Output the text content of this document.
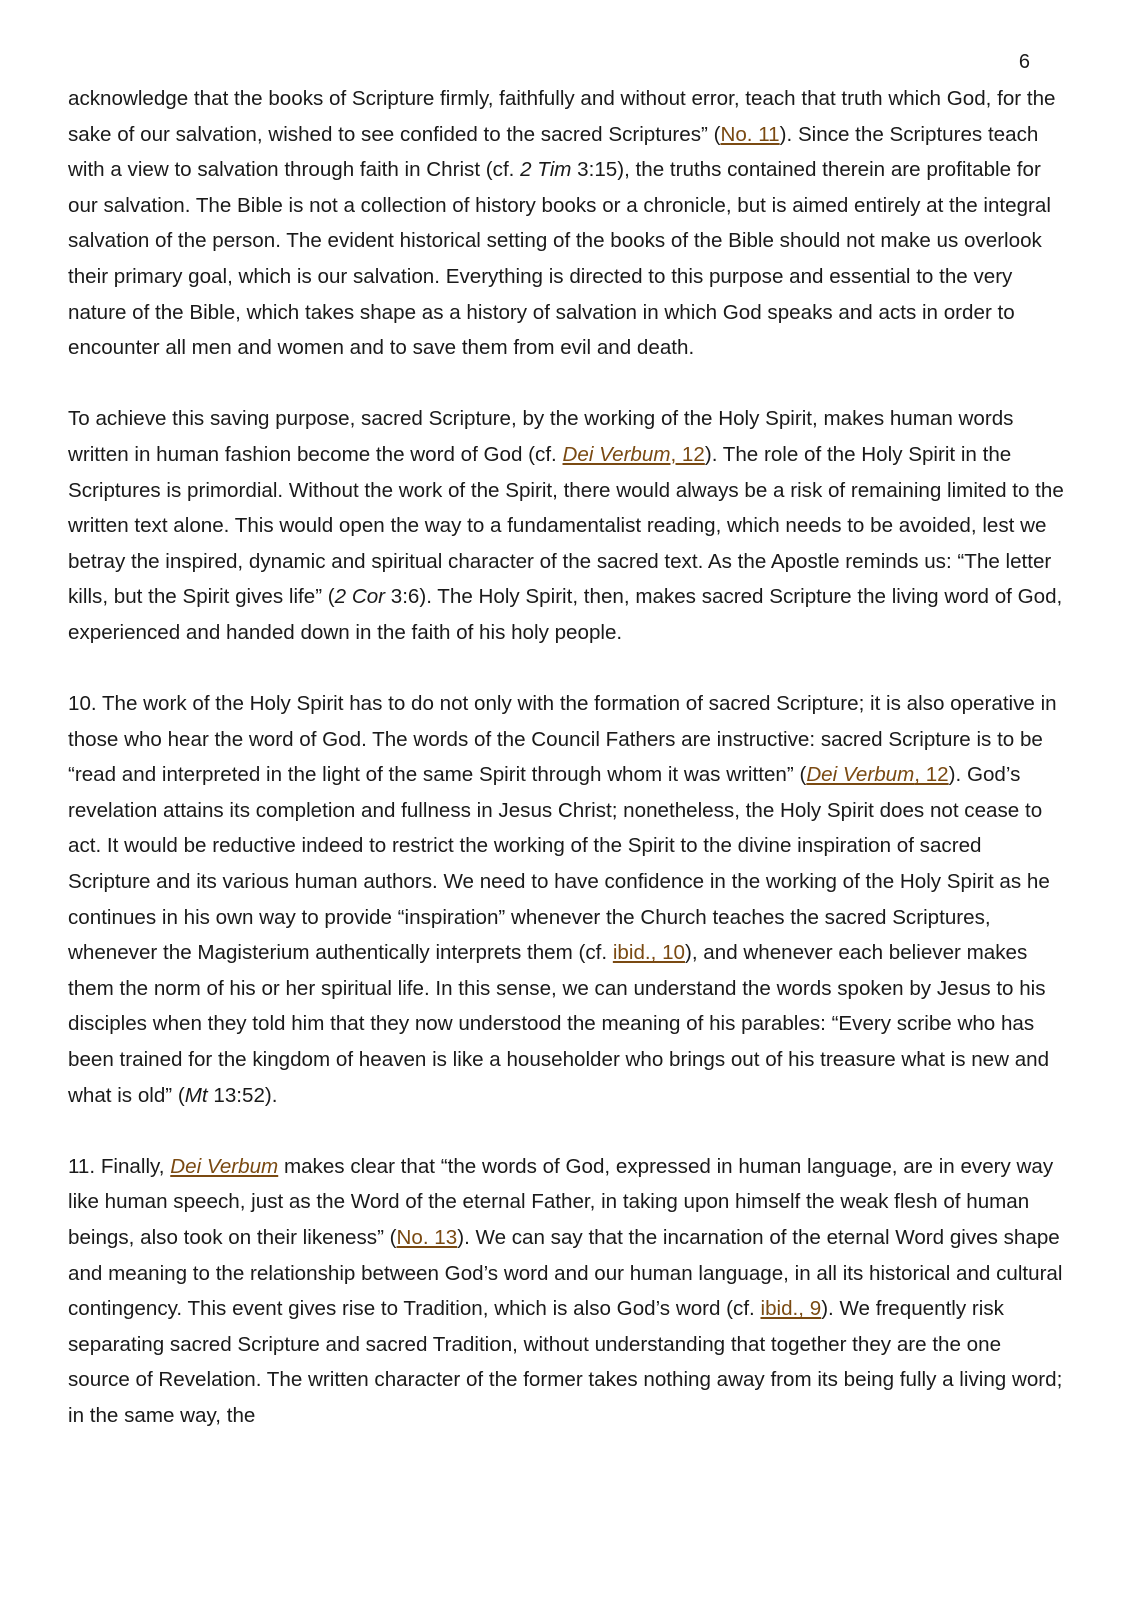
6

acknowledge that the books of Scripture firmly, faithfully and without error, teach that truth which God, for the sake of our salvation, wished to see confided to the sacred Scriptures” (No. 11). Since the Scriptures teach with a view to salvation through faith in Christ (cf. 2 Tim 3:15), the truths contained therein are profitable for our salvation. The Bible is not a collection of history books or a chronicle, but is aimed entirely at the integral salvation of the person. The evident historical setting of the books of the Bible should not make us overlook their primary goal, which is our salvation. Everything is directed to this purpose and essential to the very nature of the Bible, which takes shape as a history of salvation in which God speaks and acts in order to encounter all men and women and to save them from evil and death.

To achieve this saving purpose, sacred Scripture, by the working of the Holy Spirit, makes human words written in human fashion become the word of God (cf. Dei Verbum, 12). The role of the Holy Spirit in the Scriptures is primordial. Without the work of the Spirit, there would always be a risk of remaining limited to the written text alone. This would open the way to a fundamentalist reading, which needs to be avoided, lest we betray the inspired, dynamic and spiritual character of the sacred text. As the Apostle reminds us: “The letter kills, but the Spirit gives life” (2 Cor 3:6). The Holy Spirit, then, makes sacred Scripture the living word of God, experienced and handed down in the faith of his holy people.

10. The work of the Holy Spirit has to do not only with the formation of sacred Scripture; it is also operative in those who hear the word of God. The words of the Council Fathers are instructive: sacred Scripture is to be “read and interpreted in the light of the same Spirit through whom it was written” (Dei Verbum, 12). God’s revelation attains its completion and fullness in Jesus Christ; nonetheless, the Holy Spirit does not cease to act. It would be reductive indeed to restrict the working of the Spirit to the divine inspiration of sacred Scripture and its various human authors. We need to have confidence in the working of the Holy Spirit as he continues in his own way to provide “inspiration” whenever the Church teaches the sacred Scriptures, whenever the Magisterium authentically interprets them (cf. ibid., 10), and whenever each believer makes them the norm of his or her spiritual life. In this sense, we can understand the words spoken by Jesus to his disciples when they told him that they now understood the meaning of his parables: “Every scribe who has been trained for the kingdom of heaven is like a householder who brings out of his treasure what is new and what is old” (Mt 13:52).

11. Finally, Dei Verbum makes clear that “the words of God, expressed in human language, are in every way like human speech, just as the Word of the eternal Father, in taking upon himself the weak flesh of human beings, also took on their likeness” (No. 13). We can say that the incarnation of the eternal Word gives shape and meaning to the relationship between God’s word and our human language, in all its historical and cultural contingency. This event gives rise to Tradition, which is also God’s word (cf. ibid., 9). We frequently risk separating sacred Scripture and sacred Tradition, without understanding that together they are the one source of Revelation. The written character of the former takes nothing away from its being fully a living word; in the same way, the
